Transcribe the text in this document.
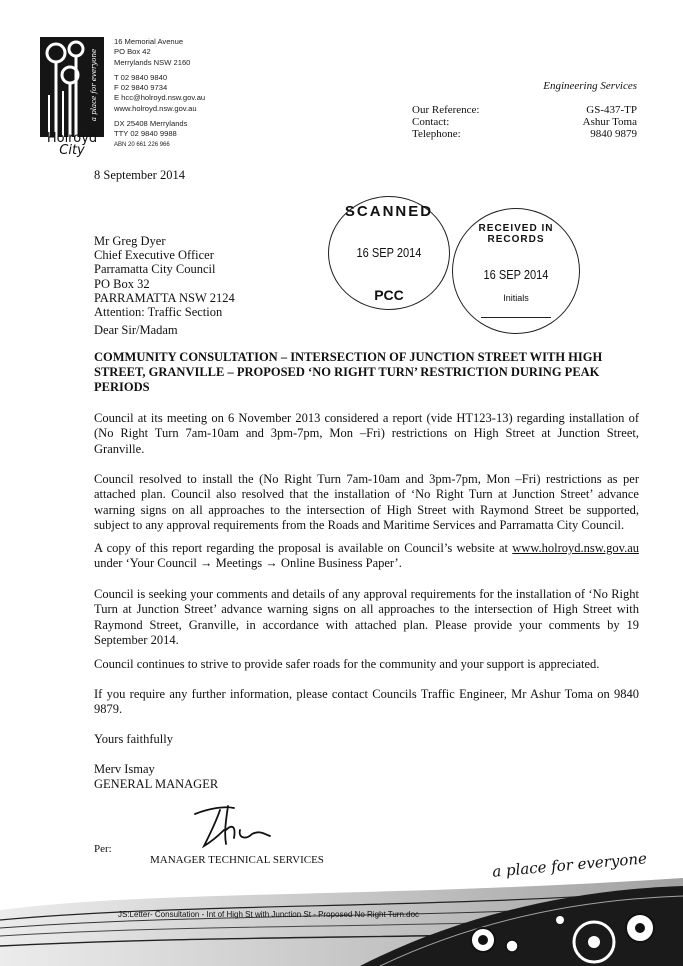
a place for everyone
Holroyd
City
16 Memorial Avenue
PO Box 42
Merrylands NSW 2160
T 02 9840 9840
F 02 9840 9734
E hcc@holroyd.nsw.gov.au
www.holroyd.nsw.gov.au
DX 25408 Merrylands
TTY 02 9840 9988
ABN 20 661 226 966
Engineering Services
Our Reference:
Contact:
Telephone:
GS-437-TP
Ashur Toma
9840 9879
8 September 2014
Mr Greg Dyer
Chief Executive Officer
Parramatta City Council
PO Box 32
PARRAMATTA NSW 2124
Attention: Traffic Section
SCANNED
16 SEP 2014
PCC
RECEIVED IN RECORDS
16 SEP 2014
Initials
Dear Sir/Madam
COMMUNITY CONSULTATION – INTERSECTION OF JUNCTION STREET WITH HIGH STREET, GRANVILLE – PROPOSED ‘NO RIGHT TURN’ RESTRICTION DURING PEAK PERIODS
Council at its meeting on 6 November 2013 considered a report (vide HT123-13) regarding installation of (No Right Turn 7am-10am and 3pm-7pm, Mon –Fri) restrictions on High Street at Junction Street, Granville.
Council resolved to install the (No Right Turn 7am-10am and 3pm-7pm, Mon –Fri) restrictions as per attached plan. Council also resolved that the installation of ‘No Right Turn at Junction Street’ advance warning signs on all approaches to the intersection of High Street with Raymond Street be supported, subject to any approval requirements from the Roads and Maritime Services and Parramatta City Council.
A copy of this report regarding the proposal is available on Council’s website at www.holroyd.nsw.gov.au under ‘Your Council → Meetings → Online Business Paper’.
Council is seeking your comments and details of any approval requirements for the installation of ‘No Right Turn at Junction Street’ advance warning signs on all approaches to the intersection of High Street with Raymond Street, Granville, in accordance with attached plan. Please provide your comments by 19 September 2014.
Council continues to strive to provide safer roads for the community and your support is appreciated.
If you require any further information, please contact Councils Traffic Engineer, Mr Ashur Toma on 9840 9879.
Yours faithfully
Merv Ismay
GENERAL MANAGER
Per:
MANAGER TECHNICAL SERVICES	a place for everyone
JS:Letter- Consultation - Int of High St with Junction St - Proposed No Right Turn.doc
